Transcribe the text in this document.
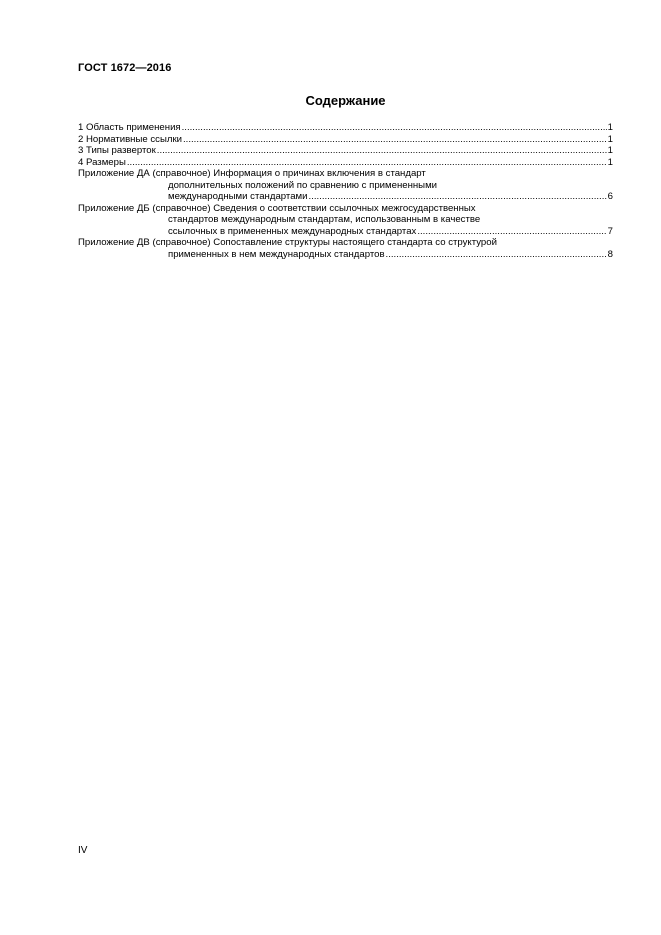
ГОСТ 1672—2016
Содержание
1 Область применения .....	1
2 Нормативные ссылки .....	1
3 Типы разверток .....	1
4 Размеры .....	1
Приложение ДА (справочное) Информация о причинах включения в стандарт
дополнительных положений по сравнению с примененными
международными стандартами .....	6
Приложение ДБ (справочное) Сведения о соответствии ссылочных межгосударственных
стандартов международным стандартам, использованным в качестве
ссылочных в примененных международных стандартах .....	7
Приложение ДВ (справочное) Сопоставление структуры настоящего стандарта со структурой
примененных в нем международных стандартов .....	8
IV
